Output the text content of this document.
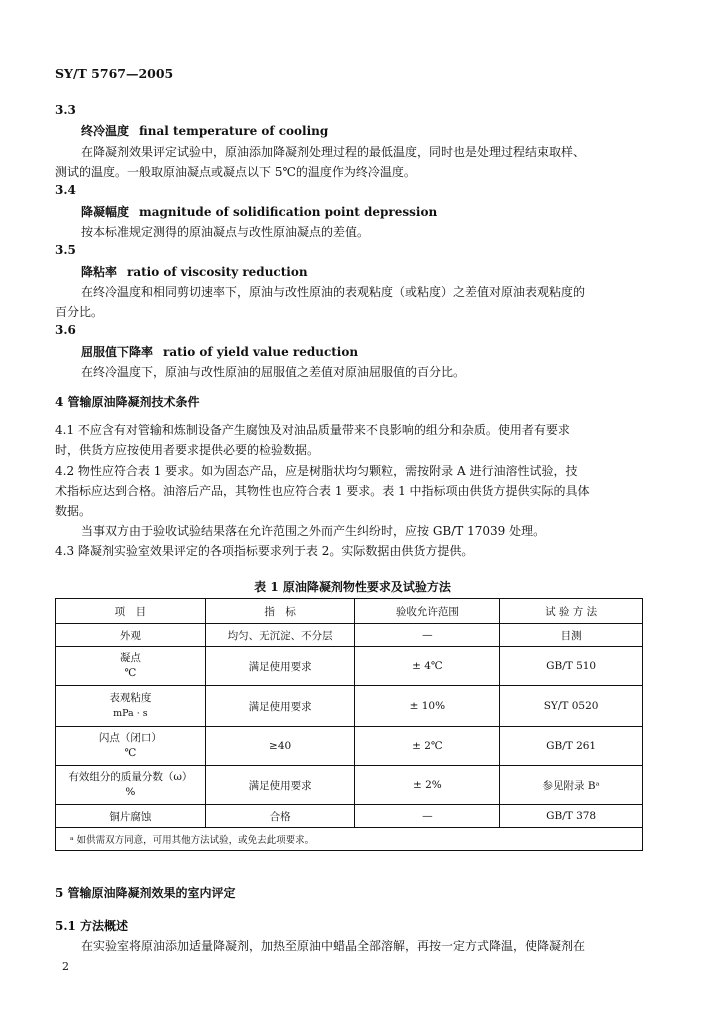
SY/T 5767—2005
3.3
终冷温度 final temperature of cooling
在降凝剂效果评定试验中，原油添加降凝剂处理过程的最低温度，同时也是处理过程结束取样、
测试的温度。一般取原油凝点或凝点以下 5℃的温度作为终冷温度。
3.4
降凝幅度 magnitude of solidification point depression
按本标准规定测得的原油凝点与改性原油凝点的差值。
3.5
降粘率 ratio of viscosity reduction
在终冷温度和相同剪切速率下，原油与改性原油的表观粘度（或粘度）之差值对原油表观粘度的
百分比。
3.6
屈服值下降率 ratio of yield value reduction
在终冷温度下，原油与改性原油的屈服值之差值对原油屈服值的百分比。
4 管输原油降凝剂技术条件
4.1 不应含有对管输和炼制设备产生腐蚀及对油品质量带来不良影响的组分和杂质。使用者有要求
时，供货方应按使用者要求提供必要的检验数据。
4.2 物性应符合表 1 要求。如为固态产品，应是树脂状均匀颗粒，需按附录 A 进行油溶性试验，技
术指标应达到合格。油溶后产品，其物性也应符合表 1 要求。表 1 中指标项由供货方提供实际的具体
数据。
当事双方由于验收试验结果落在允许范围之外而产生纠纷时，应按 GB/T 17039 处理。
4.3 降凝剂实验室效果评定的各项指标要求列于表 2。实际数据由供货方提供。
表 1 原油降凝剂物性要求及试验方法
项　目	指　标	验收允许范围	试 验 方 法
外观	均匀、无沉淀、不分层	—	目测

凝点
℃	满足使用要求	± 4℃	GB/T 510

表观粘度
mPa · s	满足使用要求	± 10%	SY/T 0520

闪点（闭口）
℃	≥40	± 2℃	GB/T 261

有效组分的质量分数（ω）
%	满足使用要求	± 2%	参见附录 Bᵃ
铜片腐蚀	合格	—	GB/T 378
ᵃ 如供需双方同意，可用其他方法试验，或免去此项要求。			
5 管输原油降凝剂效果的室内评定
5.1 方法概述
在实验室将原油添加适量降凝剂，加热至原油中蜡晶全部溶解，再按一定方式降温，使降凝剂在
2
